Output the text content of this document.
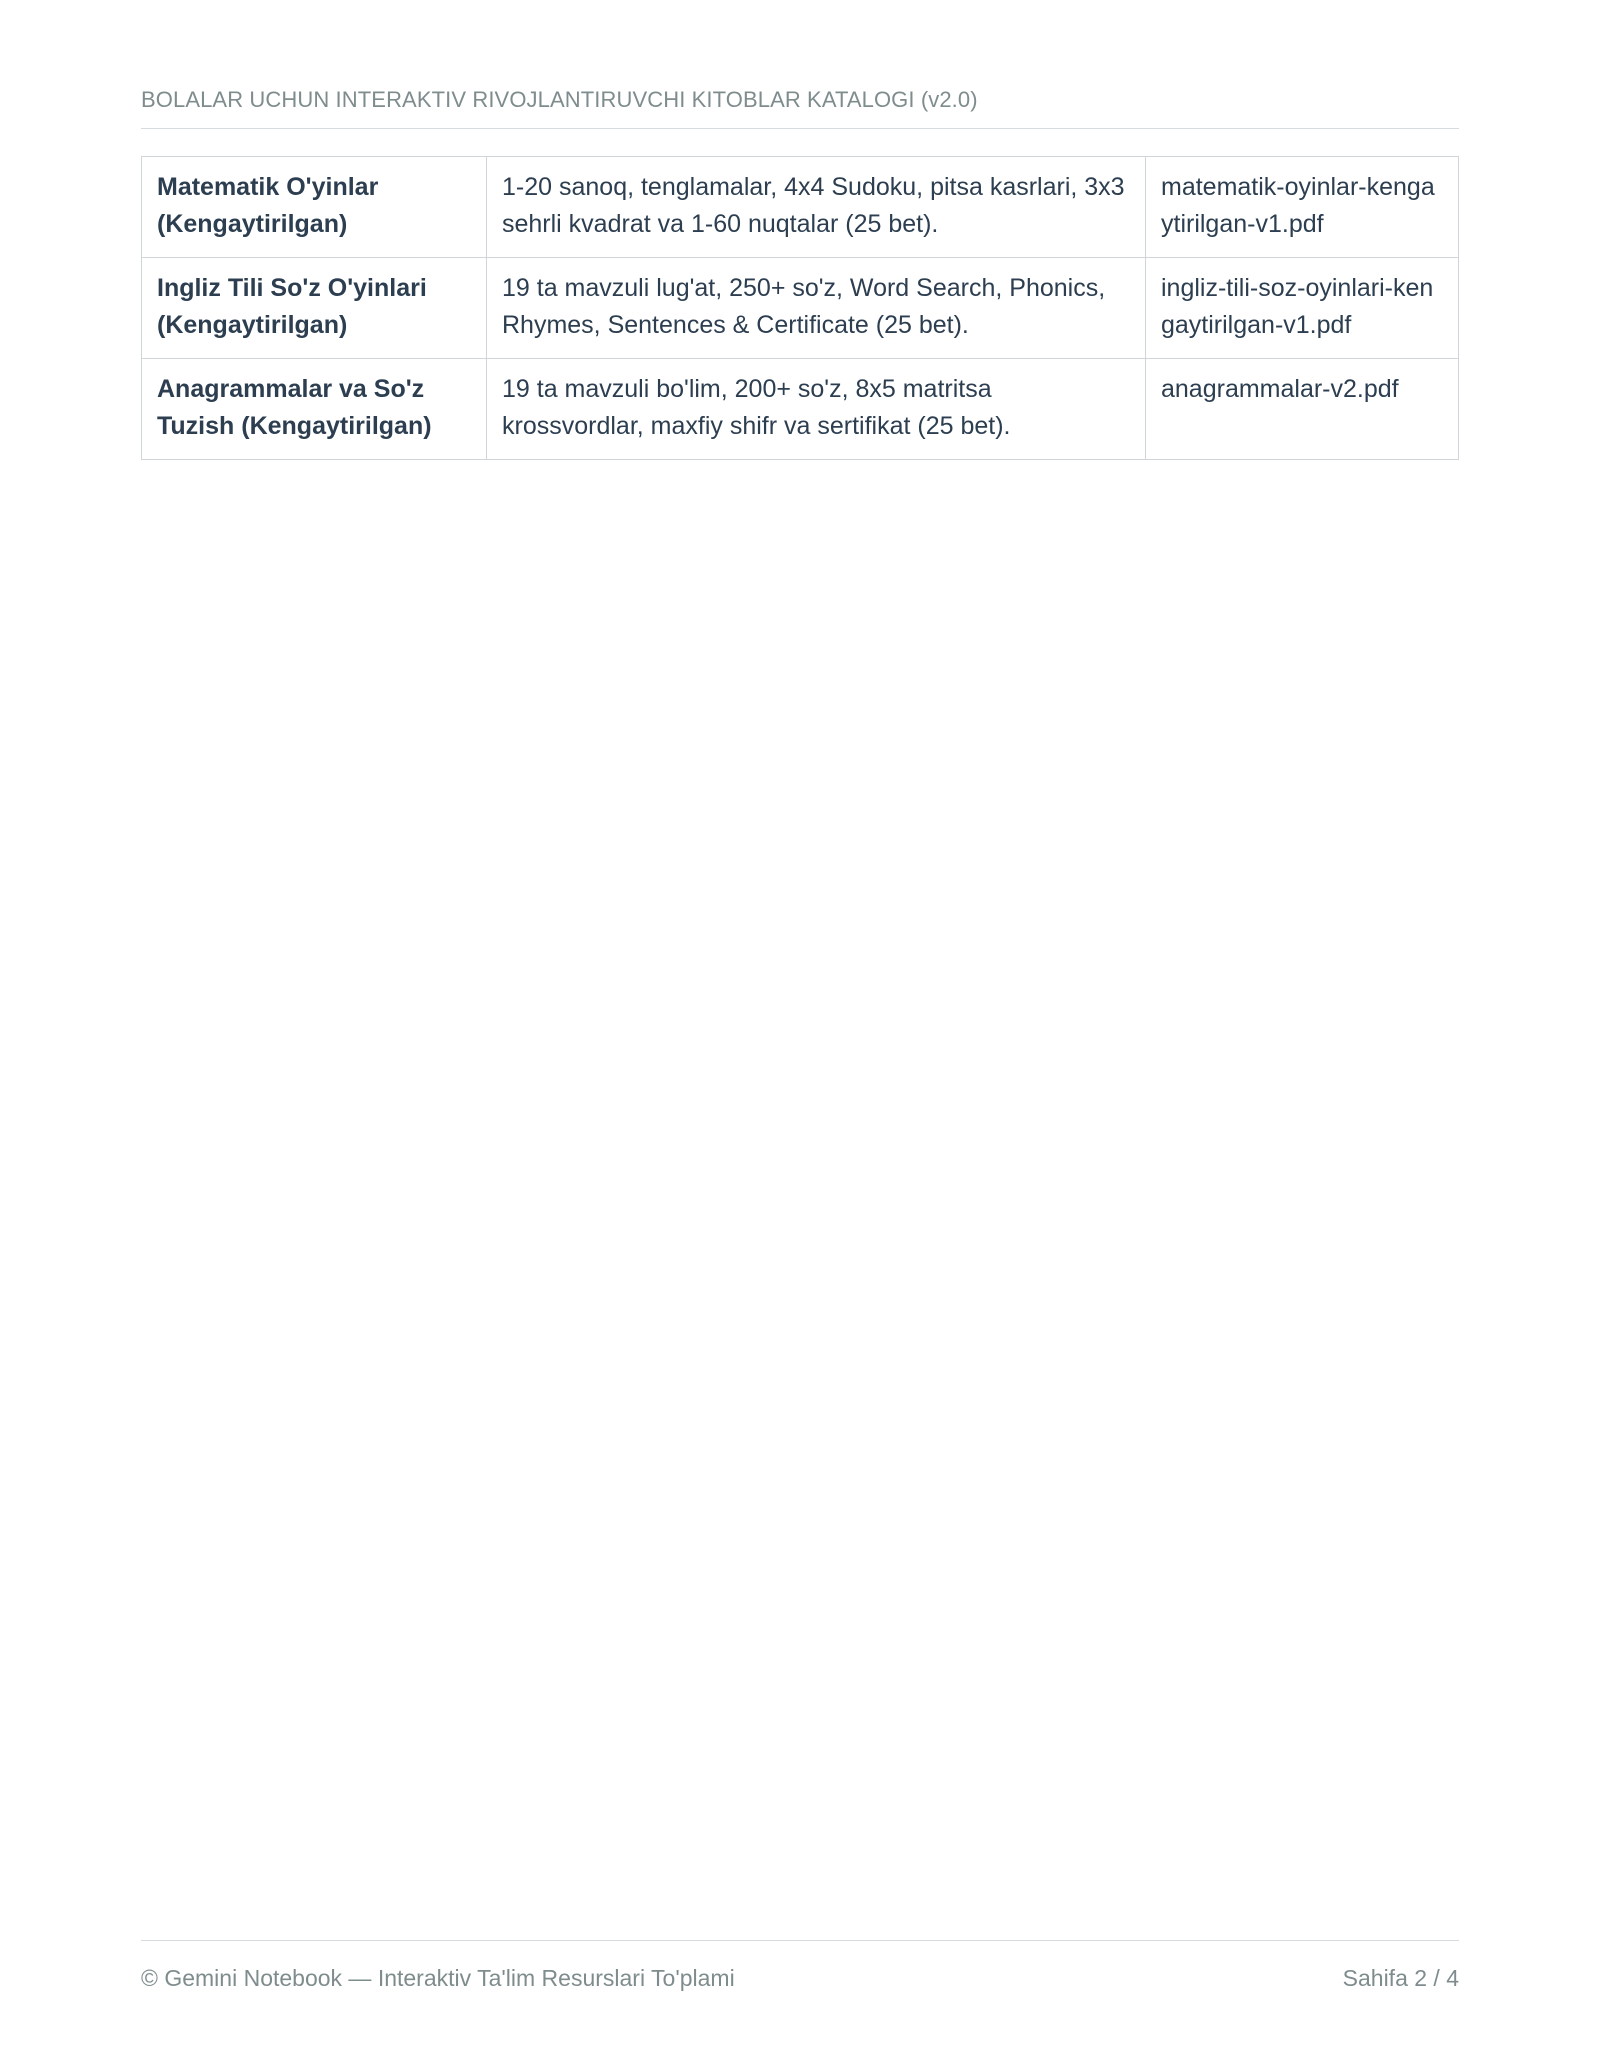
BOLALAR UCHUN INTERAKTIV RIVOJLANTIRUVCHI KITOBLAR KATALOGI (v2.0)
Matematik O'yinlar (Kengaytirilgan)	1-20 sanoq, tenglamalar, 4x4 Sudoku, pitsa kasrlari, 3x3 sehrli kvadrat va 1-60 nuqtalar (25 bet).	matematik-oyinlar-kengaytirilgan-v1.pdf
Ingliz Tili So'z O'yinlari (Kengaytirilgan)	19 ta mavzuli lug'at, 250+ so'z, Word Search, Phonics, Rhymes, Sentences & Certificate (25 bet).	ingliz-tili-soz-oyinlari-kengaytirilgan-v1.pdf
Anagrammalar va So'z Tuzish (Kengaytirilgan)	19 ta mavzuli bo'lim, 200+ so'z, 8x5 matritsa krossvordlar, maxfiy shifr va sertifikat (25 bet).	anagrammalar-v2.pdf
© Gemini Notebook — Interaktiv Ta'lim Resurslari To'plami	Sahifa 2 / 4
